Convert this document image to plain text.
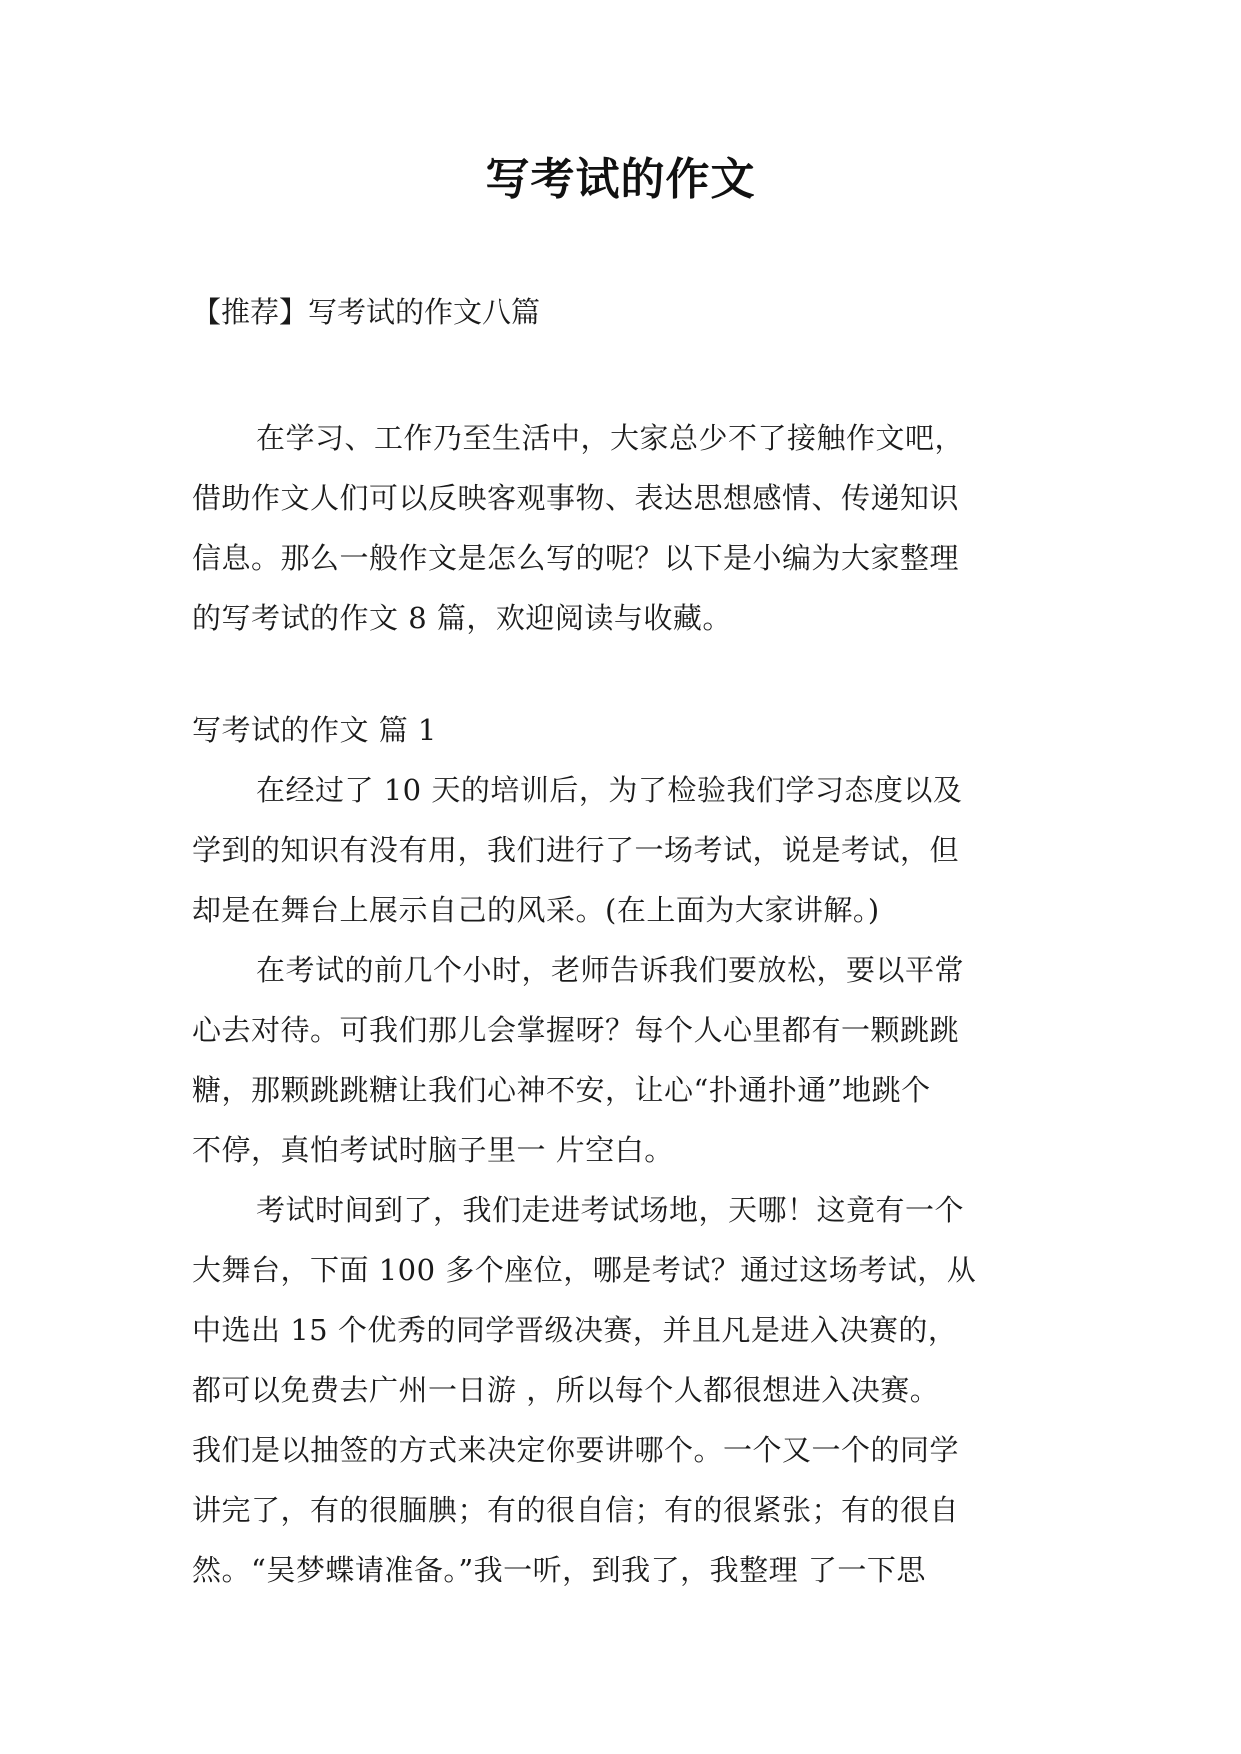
写考试的作文

【推荐】写考试的作文八篇

在学习、工作乃至生活中，大家总少不了接触作文吧，
借助作文人们可以反映客观事物、表达思想感情、传递知识
信息。那么一般作文是怎么写的呢？以下是小编为大家整理
的写考试的作文 8 篇，欢迎阅读与收藏。
写考试的作文 篇 1
在经过了 10 天的培训后，为了检验我们学习态度以及
学到的知识有没有用，我们进行了一场考试，说是考试，但
却是在舞台上展示自己的风采。(在上面为大家讲解。)
在考试的前几个小时，老师告诉我们要放松，要以平常
心去对待。可我们那儿会掌握呀？每个人心里都有一颗跳跳
糖，那颗跳跳糖让我们心神不安，让心“扑通扑通”地跳个
不停，真怕考试时脑子里一 片空白。
考试时间到了，我们走进考试场地，天哪！这竟有一个
大舞台，下面 100 多个座位，哪是考试？通过这场考试，从
中选出 15 个优秀的同学晋级决赛，并且凡是进入决赛的，
都可以免费去广州一日游 ，所以每个人都很想进入决赛。
我们是以抽签的方式来决定你要讲哪个。一个又一个的同学
讲完了，有的很腼腆；有的很自信；有的很紧张；有的很自
然。“吴梦蝶请准备。”我一听，到我了，我整理 了一下思
